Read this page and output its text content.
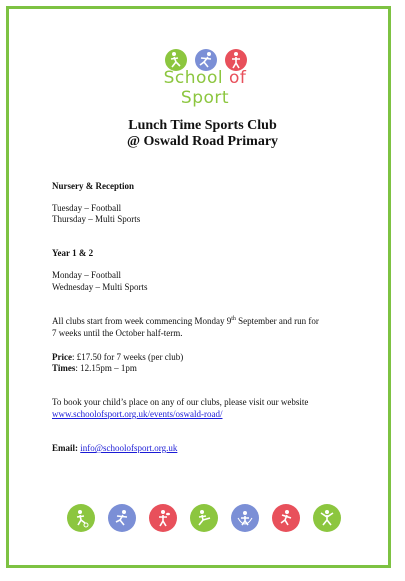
School of Sport
Lunch Time Sports Club
@ Oswald Road Primary
Nursery & Reception
Tuesday – Football
Thursday – Multi Sports
Year 1 & 2
Monday – Football
Wednesday – Multi Sports
All clubs start from week commencing Monday 9th September and run for
7 weeks until the October half-term.
Price: £17.50 for 7 weeks (per club)
Times: 12.15pm – 1pm
To book your child’s place on any of our clubs, please visit our website
www.schoolofsport.org.uk/events/oswald-road/
Email: info@schoolofsport.org.uk
